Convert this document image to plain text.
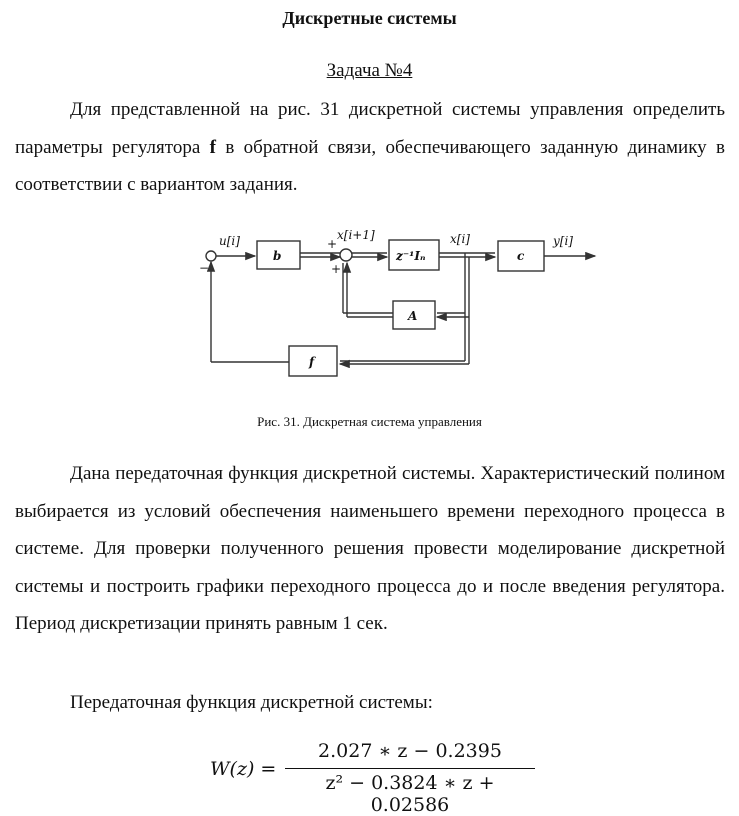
Дискретные системы
Задача №4
Для представленной на рис. 31 дискретной системы управления определить параметры регулятора f в обратной связи, обеспечивающего заданную динамику в соответствии с вариантом задания.
u[i]	x[i+1]	x[i]	y[i]
−
+
+
b	z⁻¹Iₙ	c
A
f
Рис. 31. Дискретная система управления
Дана передаточная функция дискретной системы. Характеристический полином выбирается из условий обеспечения наименьшего времени переходного процесса в системе. Для проверки полученного решения провести моделирование дискретной системы и построить графики переходного процесса до и после введения регулятора. Период дискретизации принять равным 1 сек.
Передаточная функция дискретной системы:
W(z) =
2.027 ∗ z − 0.2395
z² − 0.3824 ∗ z + 0.02586
